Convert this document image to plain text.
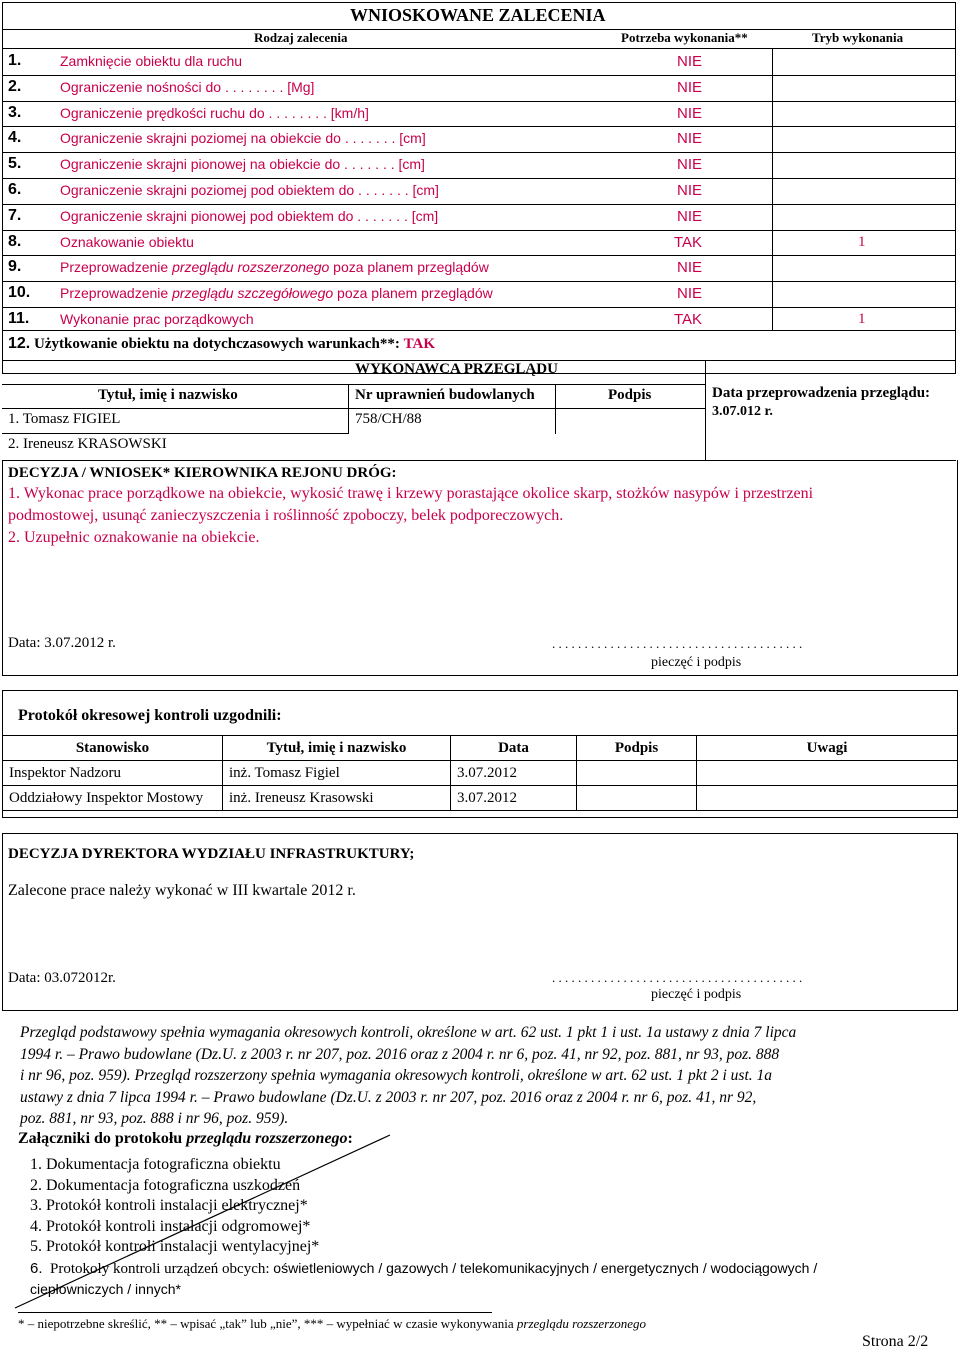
WNIOSKOWANE ZALECENIA
Rodzaj zalecenia	Potrzeba wykonania**	Tryb wykonania
1.	Zamknięcie obiektu dla ruchu	NIE
2.	Ograniczenie nośności do . . . . . . . . [Mg]	NIE
3.	Ograniczenie prędkości ruchu do . . . . . . . . [km/h]	NIE
4.	Ograniczenie skrajni poziomej na obiekcie do . . . . . . . [cm]	NIE
5.	Ograniczenie skrajni pionowej na obiekcie do . . . . . . . [cm]	NIE
6.	Ograniczenie skrajni poziomej pod obiektem do . . . . . . . [cm]	NIE
7.	Ograniczenie skrajni pionowej pod obiektem do . . . . . . . [cm]	NIE
8.	Oznakowanie obiektu	TAK	1
9.	Przeprowadzenie przeglądu rozszerzonego poza planem przeglądów	NIE
10. Przeprowadzenie przeglądu szczegółowego poza planem przeglądów	NIE
11. Wykonanie prac porządkowych	TAK	1
12. Użytkowanie obiektu na dotychczasowych warunkach**: TAK
WYKONAWCA PRZEGLĄDU
Tytuł, imię i nazwisko	Nr uprawnień budowlanych	Podpis	Data przeprowadzenia przeglądu:
3.07.012 r.
1. Tomasz FIGIEL	758/CH/88
2. Ireneusz KRASOWSKI
DECYZJA / WNIOSEK* KIEROWNIKA REJONU DRÓG:
1. Wykonac prace porządkowe na obiekcie, wykosić trawę i krzewy porastające okolice skarp, stożków nasypów i przestrzeni
podmostowej, usunąć zanieczyszczenia i roślinność zpoboczy, belek podporeczowych.
2. Uzupełnic oznakowanie na obiekcie.
Data: 3.07.2012 r.	. . . . . . . . . . . . . . . . . . . . . . . . . . . . . . . . . . . . . . .
pieczęć i podpis
Protokół okresowej kontroli uzgodnili:
Stanowisko	Tytuł, imię i nazwisko	Data	Podpis	Uwagi
Inspektor Nadzoru	inż. Tomasz Figiel	3.07.2012		
Oddziałowy Inspektor Mostowy	inż. Ireneusz Krasowski	3.07.2012		
DECYZJA DYREKTORA WYDZIAŁU INFRASTRUKTURY;
Zalecone prace należy wykonać w III kwartale 2012 r.
Data: 03.072012r.	. . . . . . . . . . . . . . . . . . . . . . . . . . . . . . . . . . . . . . .
pieczęć i podpis
Przegląd podstawowy spełnia wymagania okresowych kontroli, określone w art. 62 ust. 1 pkt 1 i ust. 1a ustawy z dnia 7 lipca
1994 r. – Prawo budowlane (Dz.U. z 2003 r. nr 207, poz. 2016 oraz z 2004 r. nr 6, poz. 41, nr 92, poz. 881, nr 93, poz. 888
i nr 96, poz. 959). Przegląd rozszerzony spełnia wymagania okresowych kontroli, określone w art. 62 ust. 1 pkt 2 i ust. 1a
ustawy z dnia 7 lipca 1994 r. – Prawo budowlane (Dz.U. z 2003 r. nr 207, poz. 2016 oraz z 2004 r. nr 6, poz. 41, nr 92,
poz. 881, nr 93, poz. 888 i nr 96, poz. 959).
Załączniki do protokołu przeglądu rozszerzonego:
1. Dokumentacja fotograficzna obiektu
2. Dokumentacja fotograficzna uszkodzeń
3. Protokół kontroli instalacji elektrycznej*
4. Protokół kontroli instalacji odgromowej*
5. Protokół kontroli instalacji wentylacyjnej*
6. Protokoły kontroli urządzeń obcych: oświetleniowych / gazowych / telekomunikacyjnych / energetycznych / wodociągowych /
ciepłowniczych / innych*
* – niepotrzebne skreślić, ** – wpisać „tak” lub „nie”, *** – wypełniać w czasie wykonywania przeglądu rozszerzonego
Strona 2/2
